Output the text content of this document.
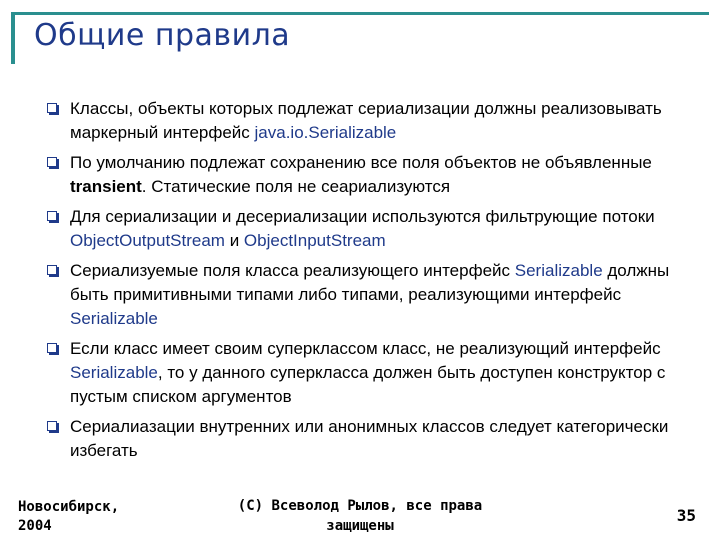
Общие правила
Классы, объекты которых подлежат сериализации должны реализовывать маркерный интерфейс java.io.Serializable
По умолчанию подлежат сохранению все поля объектов не объявленные transient. Статические поля не сеариализуются
Для сериализации и десериализации используются фильтрующие потоки ObjectOutputStream и ObjectInputStream
Сериализуемые поля класса реализующего интерфейс Serializable должны быть примитивными типами либо типами, реализующими интерфейс Serializable
Если класс имеет своим суперклассом класс, не реализующий интерфейс Serializable, то у данного суперкласса должен быть доступен конструктор с пустым списком аргументов
Сериалиазации внутренних или анонимных классов следует категорически избегать
Новосибирск,
2004
(C) Всеволод Рылов, все права
защищены
35
